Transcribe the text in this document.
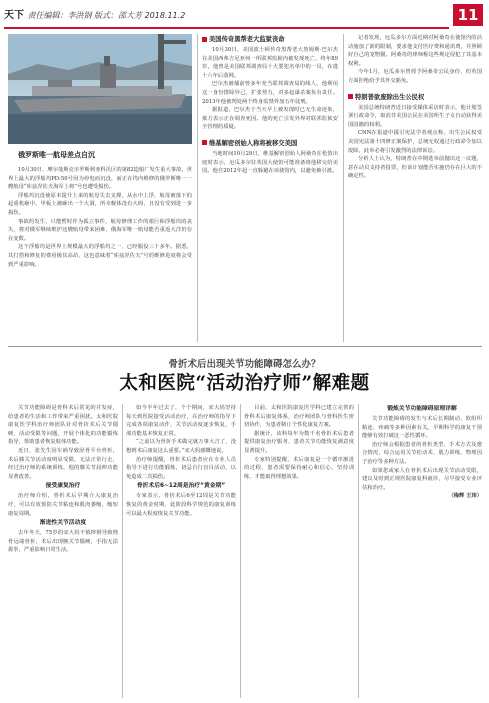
天下 责任编辑：李洪钢 版式：邵大芳 2018.11.2	11
俄罗斯唯一航母差点自沉

10月30日，摩尔曼斯克市罗斯利亚科沃区的第82造船厂发生重大事故，世界上最大的浮船坞PD-50号因为停电而沉没，而正在坞内维修的俄罗斯唯一一艘航母“库兹涅佐夫海军上将”号也遭受损伤。

浮船坞沉没使原本提升上来的航母失去支撑，从水中上浮，航母被落下的起重机砸中，甲板上被砸出一个大洞，所幸舰体没有大碍，且没有受到进一步损伤。

事故的发生，只能暂时作为孤立事件，航母修理工作的艰巨和浮船坞的丧失，将对俄军继续维护这艘航母带来困难，俄海军唯一航母能否重返大洋仍存在变数。

这个浮船坞是世界上规模最大的浮船坞之一，已经服役三十多年。据悉，其打捞和修复的费用极其高昂，这也意味着“库兹涅佐夫”号的维修进度将会受到严重影响。

美国传奇黑帮老大监狱丧命

10月30日，美国波士顿传奇黑帮老大詹姆斯·巴尔杰在美国西弗吉尼亚州一所联邦监狱内被发现死亡，终年89岁。他曾是美国联邦调查局十大要犯名单中的一员，在逃十六年后落网。

巴尔杰被捕前曾多年充当联邦调查局的线人，他利用这一身份排除异己，扩张势力，对多起谋杀案负有责任。2013年他被判处两个终身监禁外加五年徒刑。

据报道，巴尔杰于当天早上被发现时已无生命迹象，狱方表示正在调查死因。他的死亡引发外界对联邦监狱安全管理的质疑。

维基解密创始人称将被移交美国

当地时间10月29日，维基解密创始人阿桑奇在伦敦出庭时表示，厄瓜多尔驻英国大使馆可能准备将他移交给美国。他自2012年起一直躲避在该使馆内，以避免被引渡。

记者发现，厄瓜多尔方面近期对阿桑奇在使馆内的活动施加了新的限制，要求他支付医疗费和通讯费，并照顾好自己的宠物猫。阿桑奇的律师称这些规定侵犯了其基本权利。

今年1月，厄瓜多尔曾授予阿桑奇公民身份，但英国方面拒绝给予其外交豁免。

特朗普欲废除出生公民权

美国总统特朗普近日接受媒体采访时表示，他计划签署行政命令，取消非美国公民在美国所生子女自动获得美国国籍的权利。

CNN在报道中援引宪法学者观点称，出生公民权受美国宪法第十四修正案保护，总统无权通过行政命令加以废除，此举必将引发激烈的法律诉讼。

分析人士认为，特朗普在中期选举前抛出这一议题，意在动员支持者投票，但该计划能否实施仍存在巨大的不确定性。

骨折术后出现关节功能障碍怎么办？
太和医院“活动治疗师”解难题

关节功能障碍是骨科术后常见的并发症，给患者的生活和工作带来严重困扰。太和医院康复医学科治疗师团队针对骨折术后关节僵硬、活动受限等问题，开展个体化的功能锻炼指导，帮助患者恢复肢体功能。

近日，张先生因车祸导致胫骨平台骨折，术后膝关节活动度明显受限，无法正常行走，经过治疗师的系统训练，他的膝关节屈伸功能显著改善。

接受康复治疗

治疗师介绍，骨折术后早期介入康复治疗，可以有效预防关节粘连和肌肉萎缩，缩短康复周期。

渐进性关节活动度

去年冬天，75岁的宋大妈不慎摔倒导致桡骨远端骨折，术后出现腕关节僵硬，手指无法握拳，严重影响日常生活。

如今半年过去了，个个期间，宋大妈坚持每天到医院接受活动治疗，在治疗师的指导下完成各项康复动作，关节活动度逐步恢复，手部功能基本恢复正常。

“之前以为骨折手术做完就万事大吉了，没想到术后康复这么重要。”宋大妈感慨地说。

治疗师提醒，骨折术后患者应在专业人员指导下进行功能锻炼，切忌自行盲目活动，以免造成二次损伤。

骨折术后6~12周是治疗“黄金期”

专家表示，骨折术后6至12周是关节功能恢复的黄金时期，此阶段科学规范的康复训练可以最大程度恢复关节功能。

目前，太和医院康复医学科已建立完善的骨科术后康复体系，治疗师团队与骨科医生密切协作，为患者制订个性化康复方案。

据统计，该科每年为数千名骨折术后患者提供康复治疗服务，患者关节功能恢复满意度显著提升。

专家特别提醒，术后康复是一个循序渐进的过程，患者需要保持耐心和信心，坚持训练，才能取得理想效果。

锻炼关节功能障碍原理详解

关节功能障碍的发生与术后长期制动、软组织粘连、疼痛等多种因素有关。早期科学的康复干预能够有效打破这一恶性循环。

治疗师会根据患者的骨折类型、手术方式及愈合情况，综合运用关节松动术、肌力训练、物理因子治疗等多种方法。

如果您或家人在骨折术后出现关节活动受限，建议及时到正规医院康复科就诊，尽早接受专业评估和治疗。

（梅辉 王玮）
